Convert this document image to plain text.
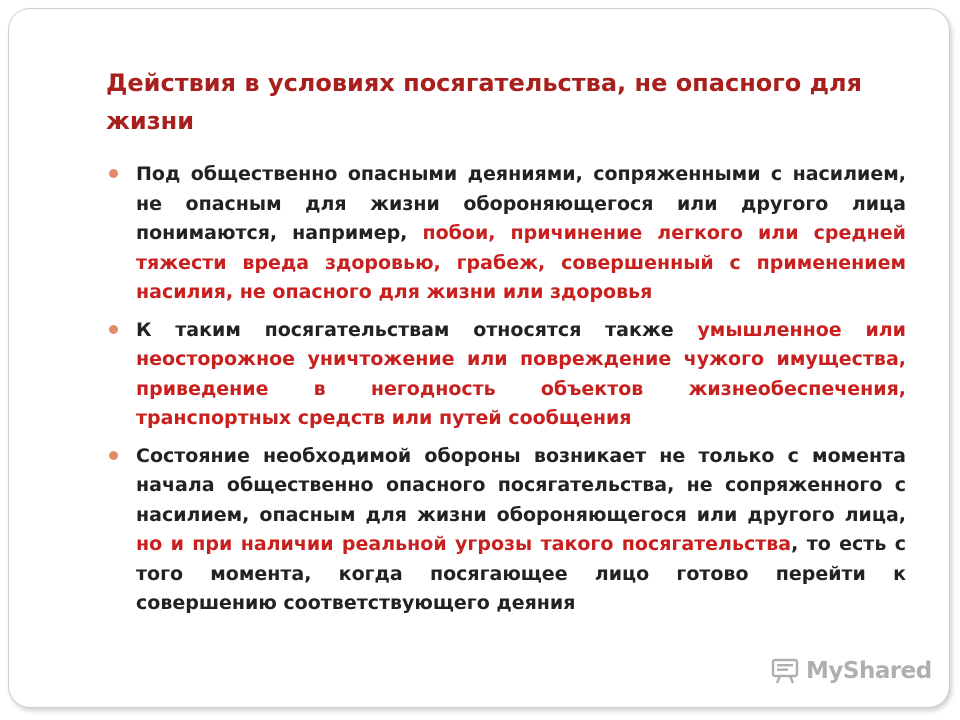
Действия в условиях посягательства, не опасного для жизни
Под общественно опасными деяниями, сопряженными с насилием, не опасным для жизни обороняющегося или другого лица понимаются, например, побои, причинение легкого или средней тяжести вреда здоровью, грабеж, совершенный с применением насилия, не опасного для жизни или здоровья
К таким посягательствам относятся также умышленное или неосторожное уничтожение или повреждение чужого имущества, приведение в негодность объектов жизнеобеспечения, транспортных средств или путей сообщения
Состояние необходимой обороны возникает не только с момента начала общественно опасного посягательства, не сопряженного с насилием, опасным для жизни обороняющегося или другого лица, но и при наличии реальной угрозы такого посягательства, то есть с того момента, когда посягающее лицо готово перейти к совершению соответствующего деяния
MyShared
